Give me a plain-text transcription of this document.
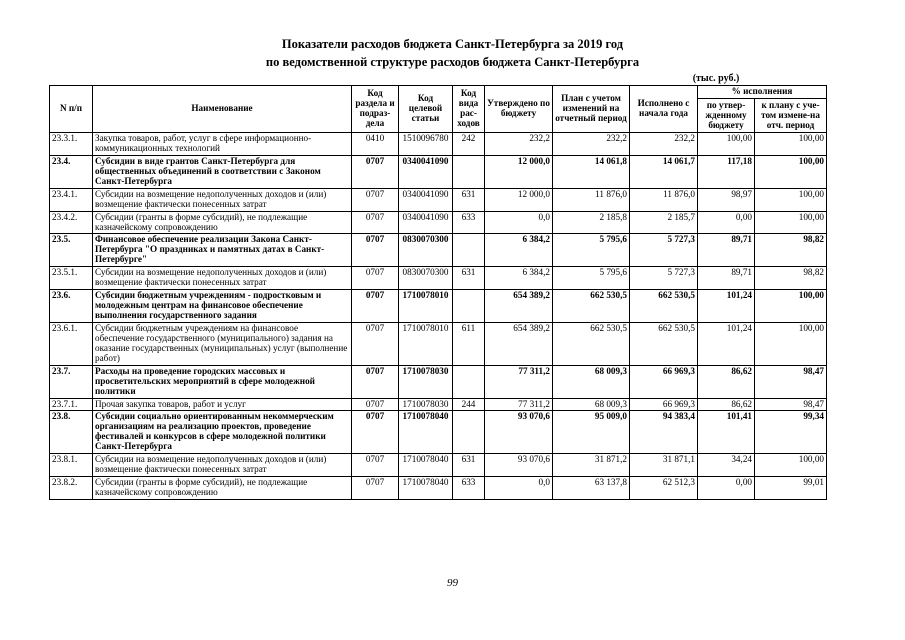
Показатели расходов бюджета Санкт-Петербурга за 2019 год
по ведомственной структуре расходов бюджета Санкт-Петербурга
(тыс. руб.)
N п/п	Наименование	Код раздела и подраз-дела	Код целевой статьи	Код вида рас-ходов	Утверждено по бюджету	План с учетом изменений на отчетный период	Исполнено с начала года	% исполнения	
								по утвер-жденному бюджету	к плану с уче-том измене-на отч. период
23.3.1.	Закупка товаров, работ, услуг в сфере информационно-коммуникационных технологий	0410	1510096780	242	232,2	232,2	232,2	100,00	100,00
23.4.	Субсидии в виде грантов Санкт-Петербурга для общественных объединений в соответствии с Законом Санкт-Петербурга	0707	0340041090		12 000,0	14 061,8	14 061,7	117,18	100,00
23.4.1.	Субсидии на возмещение недополученных доходов и (или) возмещение фактически понесенных затрат	0707	0340041090	631	12 000,0	11 876,0	11 876,0	98,97	100,00
23.4.2.	Субсидии (гранты в форме субсидий), не подлежащие казначейскому сопровождению	0707	0340041090	633	0,0	2 185,8	2 185,7	0,00	100,00
23.5.	Финансовое обеспечение реализации Закона Санкт-Петербурга "О праздниках и памятных датах в Санкт-Петербурге"	0707	0830070300		6 384,2	5 795,6	5 727,3	89,71	98,82
23.5.1.	Субсидии на возмещение недополученных доходов и (или) возмещение фактически понесенных затрат	0707	0830070300	631	6 384,2	5 795,6	5 727,3	89,71	98,82
23.6.	Субсидии бюджетным учреждениям - подростковым и молодежным центрам на финансовое обеспечение выполнения государственного задания	0707	1710078010		654 389,2	662 530,5	662 530,5	101,24	100,00
23.6.1.	Субсидии бюджетным учреждениям на финансовое обеспечение государственного (муниципального) задания на оказание государственных (муниципальных) услуг (выполнение работ)	0707	1710078010	611	654 389,2	662 530,5	662 530,5	101,24	100,00
23.7.	Расходы на проведение городских массовых и просветительских мероприятий в сфере молодежной политики	0707	1710078030		77 311,2	68 009,3	66 969,3	86,62	98,47
23.7.1.	Прочая закупка товаров, работ и услуг	0707	1710078030	244	77 311,2	68 009,3	66 969,3	86,62	98,47
23.8.	Субсидии социально ориентированным некоммерческим организациям на реализацию проектов, проведение фестивалей и конкурсов в сфере молодежной политики Санкт-Петербурга	0707	1710078040		93 070,6	95 009,0	94 383,4	101,41	99,34
23.8.1.	Субсидии на возмещение недополученных доходов и (или) возмещение фактически понесенных затрат	0707	1710078040	631	93 070,6	31 871,2	31 871,1	34,24	100,00
23.8.2.	Субсидии (гранты в форме субсидий), не подлежащие казначейскому сопровождению	0707	1710078040	633	0,0	63 137,8	62 512,3	0,00	99,01
99
